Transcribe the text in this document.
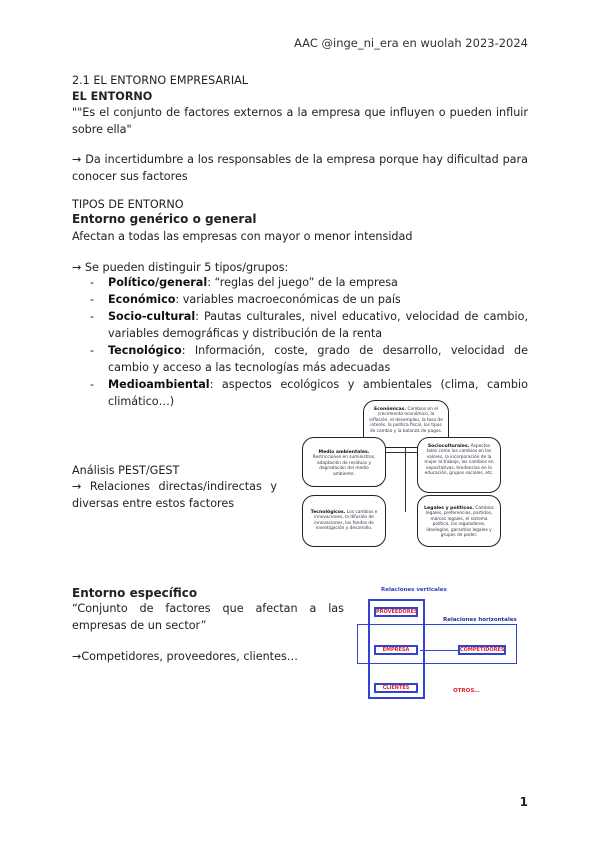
AAC @inge_ni_era en wuolah 2023-2024
2.1 EL ENTORNO EMPRESARIAL
EL ENTORNO
""Es el conjunto de factores externos a la empresa que influyen o pueden influir sobre ella"
→ Da incertidumbre a los responsables de la empresa porque hay dificultad para conocer sus factores
TIPOS DE ENTORNO
Entorno genérico o general
Afectan a todas las empresas con mayor o menor intensidad
→ Se pueden distinguir 5 tipos/grupos:
- Político/general: “reglas del juego” de la empresa
- Económico: variables macroeconómicas de un país
- Socio-cultural: Pautas culturales, nivel educativo, velocidad de cambio, variables demográficas y distribución de la renta
- Tecnológico: Información, coste, grado de desarrollo, velocidad de cambio y acceso a las tecnologías más adecuadas
- Medioambiental: aspectos ecológicos y ambientales (clima, cambio climático…)
Análisis PEST/GEST
→ Relaciones directas/indirectas y diversas entre estos factores
Económicas. Cambios en el crecimiento económico, la inflación, el desempleo, la tasa de interés, la política fiscal, los tipos de cambio y la balanza de pagos.
Medio ambientales.
Restricciones en suministros, adaptación de residuos y degradación del medio ambiente.
Socioculturales. Aspectos tales como los cambios en los valores, la incorporación de la mujer al trabajo, los cambios en expectativas, tendencias en la educación, grupos sociales, etc.
Tecnológicos. Los cambios e innovaciones, la difusión de innovaciones, los fondos de investigación y desarrollo.
Legales y políticos. Cambios legales, preferencias, partidos, marcos legales, el sistema político, los reguladores, ideologías, garantías legales y grupos de poder.
Entorno específico
“Conjunto de factores que afectan a las empresas de un sector”
→Competidores, proveedores, clientes…
Relaciones verticales
Relaciones horizontales
PROVEEDORES
EMPRESA
CLIENTES
COMPETIDORES
OTROS…
1
